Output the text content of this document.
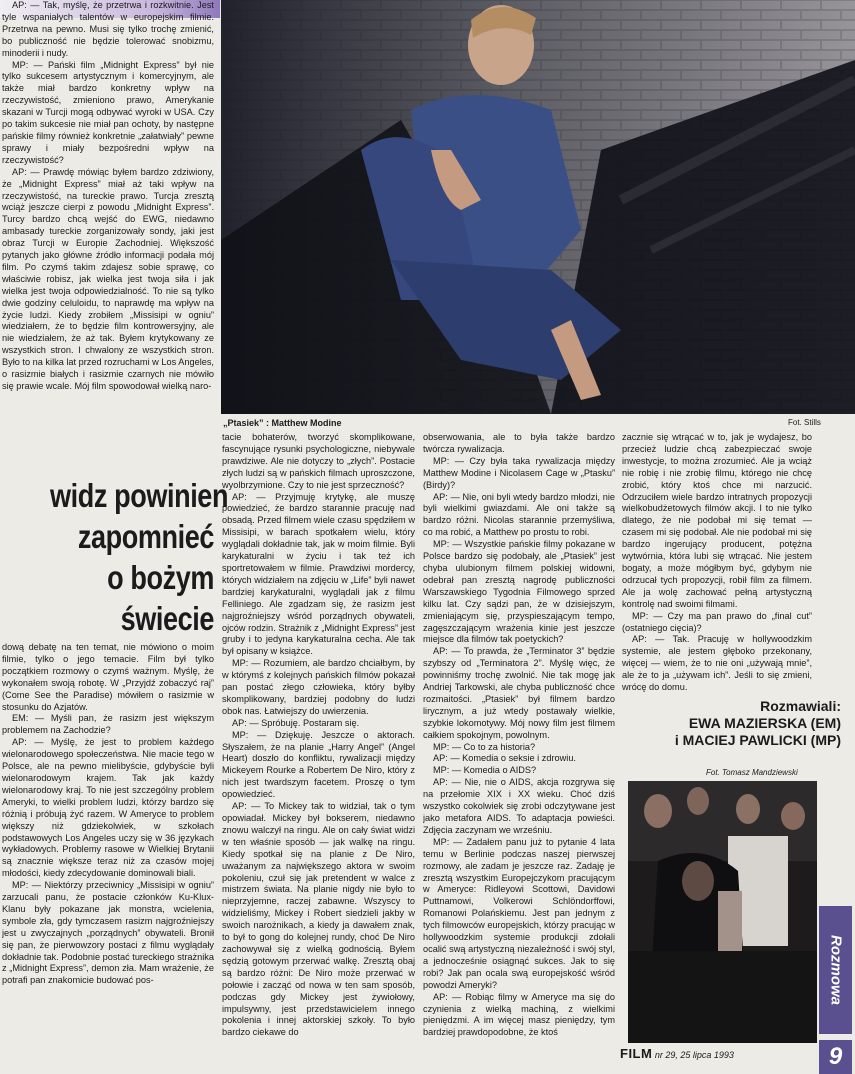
„Ptasiek” : Matthew Modine	Fot. Stills

AP: — Tak, myślę, że przetrwa i rozkwitnie. Jest tyle wspaniałych talentów w europejskim filmie. Przetrwa na pewno. Musi się tylko trochę zmienić, bo publiczność nie będzie tolerować snobizmu, minoderii i nudy.

MP: — Pański film „Midnight Express” był nie tylko sukcesem artystycznym i komercyjnym, ale także miał bardzo konkretny wpływ na rzeczywistość, zmieniono prawo, Amerykanie skazani w Turcji mogą odbywać wyroki w USA. Czy po takim sukcesie nie miał pan ochoty, by następne pańskie filmy również konkretnie „załatwiały” pewne sprawy i miały bezpośredni wpływ na rzeczywistość?

AP: — Prawdę mówiąc byłem bardzo zdziwiony, że „Midnight Express” miał aż taki wpływ na rzeczywistość, na tureckie prawo. Turcja zresztą wciąż jeszcze cierpi z powodu „Midnight Express”. Turcy bardzo chcą wejść do EWG, niedawno ambasady tureckie zorganizowały sondy, jaki jest obraz Turcji w Europie Zachodniej. Większość pytanych jako główne źródło informacji podała mój film. Po czymś takim zdajesz sobie sprawę, co właściwie robisz, jak wielka jest twoja siła i jak wielka jest twoja odpowiedzialność. To nie są tylko dwie godziny celuloidu, to naprawdę ma wpływ na życie ludzi. Kiedy zrobiłem „Missisipi w ogniu” wiedziałem, że to będzie film kontrowersyjny, ale nie wiedziałem, że aż tak. Byłem krytykowany ze wszystkich stron. I chwalony ze wszystkich stron. Było to na kilka lat przed rozruchami w Los Angeles, o rasizmie białych i rasizmie czarnych nie mówiło się prawie wcale. Mój film spowodował wielką naro-

widz powinien
zapomnieć
o bożym
świecie

dową debatę na ten temat, nie mówiono o moim filmie, tylko o jego temacie. Film był tylko początkiem rozmowy o czymś ważnym. Myślę, że wykonałem swoją robotę. W „Przyjdź zobaczyć raj” (Come See the Paradise) mówiłem o rasizmie w stosunku do Azjatów.

EM: — Myśli pan, że rasizm jest większym problemem na Zachodzie?

AP: — Myślę, że jest to problem każdego wielonarodowego społeczeństwa. Nie macie tego w Polsce, ale na pewno mielibyście, gdybyście byli wielonarodowym krajem. Tak jak każdy wielonarodowy kraj. To nie jest szczególny problem Ameryki, to wielki problem ludzi, którzy bardzo się różnią i próbują żyć razem. W Ameryce to problem większy niż gdziekolwiek, w szkołach podstawowych Los Angeles uczy się w 36 językach wykładowych. Problemy rasowe w Wielkiej Brytanii są znacznie większe teraz niż za czasów mojej młodości, kiedy zdecydowanie dominowali biali.

MP: — Niektórzy przeciwnicy „Missisipi w ogniu” zarzucali panu, że postacie członków Ku-Klux-Klanu były pokazane jak monstra, wcielenia, symbole zła, gdy tymczasem rasizm najgroźniejszy jest u zwyczajnych „porządnych” obywateli. Bronił się pan, że pierwowzory postaci z filmu wyglądały dokładnie tak. Podobnie postać tureckiego strażnika z „Midnight Express”, demon zła. Mam wrażenie, że potrafi pan znakomicie budować pos-

tacie bohaterów, tworzyć skomplikowane, fascynujące rysunki psychologiczne, niebywale prawdziwe. Ale nie dotyczy to „złych”. Postacie złych ludzi są w pańskich filmach uproszczone, wyolbrzymione. Czy to nie jest sprzeczność?

AP: — Przyjmuję krytykę, ale muszę powiedzieć, że bardzo starannie pracuję nad obsadą. Przed filmem wiele czasu spędziłem w Missisipi, w barach spotkałem wielu, który wyglądali dokładnie tak, jak w moim filmie. Byli karykaturalni w życiu i tak też ich sportretowałem w filmie. Prawdziwi mordercy, których widziałem na zdjęciu w „Life” byli nawet bardziej karykaturalni, wyglądali jak z filmu Felliniego. Ale zgadzam się, że rasizm jest najgroźniejszy wśród porządnych obywateli, ojców rodzin. Strażnik z „Midnight Express” jest gruby i to jedyna karykaturalna cecha. Ale tak był opisany w książce.

MP: — Rozumiem, ale bardzo chciałbym, by w którymś z kolejnych pańskich filmów pokazał pan postać złego człowieka, który byłby skomplikowany, bardziej podobny do ludzi obok nas. Łatwiejszy do uwierzenia.

AP: — Spróbuję. Postaram się.

MP: — Dziękuję. Jeszcze o aktorach. Słyszałem, że na planie „Harry Angel” (Angel Heart) doszło do konfliktu, rywalizacji między Mickeyem Rourke a Robertem De Niro, który z nich jest twardszym facetem. Proszę o tym opowiedzieć.

AP: — To Mickey tak to widział, tak o tym opowiadał. Mickey był bokserem, niedawno znowu walczył na ringu. Ale on cały świat widzi w ten właśnie sposób — jak walkę na ringu. Kiedy spotkał się na planie z De Niro, uważanym za największego aktora w swoim pokoleniu, czuł się jak pretendent w walce z mistrzem świata. Na planie nigdy nie było to nieprzyjemne, raczej zabawne. Wszyscy to widzieliśmy, Mickey i Robert siedzieli jakby w swoich narożnikach, a kiedy ja dawałem znak, to był to gong do kolejnej rundy, choć De Niro zachowywał się z wielką godnością. Byłem sędzią gotowym przerwać walkę. Zresztą obaj są bardzo różni: De Niro może przerwać w połowie i zacząć od nowa w ten sam sposób, podczas gdy Mickey jest żywiołowy, impulsywny, jest przedstawicielem innego pokolenia i innej aktorskiej szkoły. To było bardzo ciekawe do

obserwowania, ale to była także bardzo twórcza rywalizacja.

MP: — Czy była taka rywalizacja między Matthew Modine i Nicolasem Cage w „Ptasku” (Birdy)?

AP: — Nie, oni byli wtedy bardzo młodzi, nie byli wielkimi gwiazdami. Ale oni także są bardzo różni. Nicolas starannie przemyśliwa, co ma robić, a Matthew po prostu to robi.

MP: — Wszystkie pańskie filmy pokazane w Polsce bardzo się podobały, ale „Ptasiek” jest chyba ulubionym filmem polskiej widowni, odebrał pan zresztą nagrodę publiczności Warszawskiego Tygodnia Filmowego sprzed kilku lat. Czy sądzi pan, że w dzisiejszym, zmieniającym się, przyspieszającym tempo, zagęszczającym wrażenia kinie jest jeszcze miejsce dla filmów tak poetyckich?

AP: — To prawda, że „Terminator 3” będzie szybszy od „Terminatora 2”. Myślę więc, że powinniśmy trochę zwolnić. Nie tak mogę jak Andriej Tarkowski, ale chyba publiczność chce rozmaitości. „Ptasiek” był filmem bardzo lirycznym, a już wtedy postawały wielkie, szybkie lokomotywy. Mój nowy film jest filmem całkiem spokojnym, powolnym.

MP: — Co to za historia?

AP: — Komedia o seksie i zdrowiu.

MP: — Komedia o AIDS?

AP: — Nie, nie o AIDS, akcja rozgrywa się na przełomie XIX i XX wieku. Choć dziś wszystko cokolwiek się zrobi odczytywane jest jako metafora AIDS. To adaptacja powieści. Zdjęcia zaczynam we wrześniu.

MP: — Zadałem panu już to pytanie 4 lata temu w Berlinie podczas naszej pierwszej rozmowy, ale zadam je jeszcze raz. Zadaję je zresztą wszystkim Europejczykom pracującym w Ameryce: Ridleyowi Scottowi, Davidowi Puttnamowi, Volkerowi Schlöndorffowi, Romanowi Polańskiemu. Jest pan jednym z tych filmowców europejskich, którzy pracując w hollywoodzkim systemie produkcji zdołali ocalić swą artystyczną niezależność i swój styl, a jednocześnie osiągnąć sukces. Jak to się robi? Jak pan ocala swą europejskość wśród powodzi Ameryki?

AP: — Robiąc filmy w Ameryce ma się do czynienia z wielką machiną, z wielkimi pieniędzmi. A im więcej masz pieniędzy, tym bardziej prawdopodobne, że ktoś

zacznie się wtrącać w to, jak je wydajesz, bo przecież ludzie chcą zabezpieczać swoje inwestycje, to można zrozumieć. Ale ja wciąż nie robię i nie zrobię filmu, którego nie chcę zrobić, który ktoś chce mi narzucić. Odrzuciłem wiele bardzo intratnych propozycji wielkobudżetowych filmów akcji. I to nie tylko dlatego, że nie podobał mi się temat — czasem mi się podobał. Ale nie podobał mi się bardzo ingerujący producent, potężna wytwórnia, która lubi się wtrącać. Nie jestem bogaty, a może mógłbym być, gdybym nie odrzucał tych propozycji, robił film za filmem. Ale ja wolę zachować pełną artystyczną kontrolę nad swoimi filmami.

MP: — Czy ma pan prawo do „final cut” (ostatniego cięcia)?

AP: — Tak. Pracuję w hollywoodzkim systemie, ale jestem głęboko przekonany, więcej — wiem, że to nie oni „używają mnie”, ale że to ja „używam ich”. Jeśli to się zmieni, wrócę do domu.

Rozmawiali:
EWA MAZIERSKA (EM)
i MACIEJ PAWLICKI (MP)
Fot. Tomasz Mandziewski
Rozmowa
FILM nr 29, 25 lipca 1993	9
